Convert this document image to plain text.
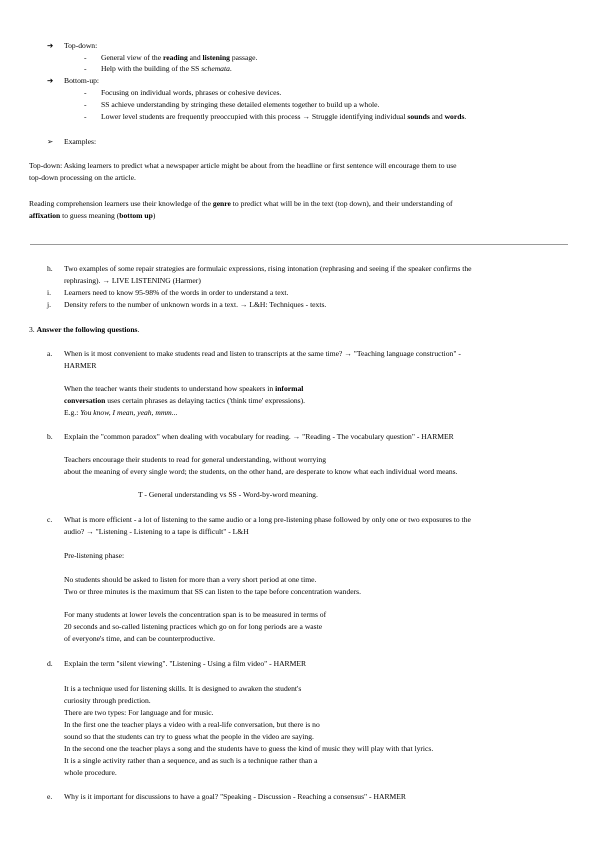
➔ Top-down:
- General view of the reading and listening passage.
- Help with the building of the SS schemata.
➔ Bottom-up:
- Focusing on individual words, phrases or cohesive devices.
- SS achieve understanding by stringing these detailed elements together to build up a whole.
- Lower level students are frequently preoccupied with this process → Struggle identifying individual sounds and words.
➢ Examples:
Top-down: Asking learners to predict what a newspaper article might be about from the headline or first sentence will encourage them to use
top-down processing on the article.
Reading comprehension learners use their knowledge of the genre to predict what will be in the text (top down), and their understanding of
affixation to guess meaning (bottom up)
h. Two examples of some repair strategies are formulaic expressions, rising intonation (rephrasing and seeing if the speaker confirms the
rephrasing). → LIVE LISTENING (Harmer)
i. Learners need to know 95-98% of the words in order to understand a text.
j. Density refers to the number of unknown words in a text. → L&H: Techniques - texts.
3. Answer the following questions.
a. When is it most convenient to make students read and listen to transcripts at the same time? → "Teaching language construction" -
HARMER
When the teacher wants their students to understand how speakers in informal
conversation uses certain phrases as delaying tactics ('think time' expressions).
E.g.: You know, I mean, yeah, mmm...
b. Explain the "common paradox" when dealing with vocabulary for reading. → "Reading - The vocabulary question" - HARMER
Teachers encourage their students to read for general understanding, without worrying
about the meaning of every single word; the students, on the other hand, are desperate to know what each individual word means.
T - General understanding vs SS - Word-by-word meaning.
c. What is more efficient - a lot of listening to the same audio or a long pre-listening phase followed by only one or two exposures to the
audio? → "Listening - Listening to a tape is difficult" - L&H
Pre-listening phase:
No students should be asked to listen for more than a very short period at one time.
Two or three minutes is the maximum that SS can listen to the tape before concentration wanders.
For many students at lower levels the concentration span is to be measured in terms of
20 seconds and so-called listening practices which go on for long periods are a waste
of everyone's time, and can be counterproductive.
d. Explain the term "silent viewing". "Listening - Using a film video" - HARMER
It is a technique used for listening skills. It is designed to awaken the student's
curiosity through prediction.
There are two types: For language and for music.
In the first one the teacher plays a video with a real-life conversation, but there is no
sound so that the students can try to guess what the people in the video are saying.
In the second one the teacher plays a song and the students have to guess the kind of music they will play with that lyrics.
It is a single activity rather than a sequence, and as such is a technique rather than a
whole procedure.
e. Why is it important for discussions to have a goal? "Speaking - Discussion - Reaching a consensus" - HARMER
